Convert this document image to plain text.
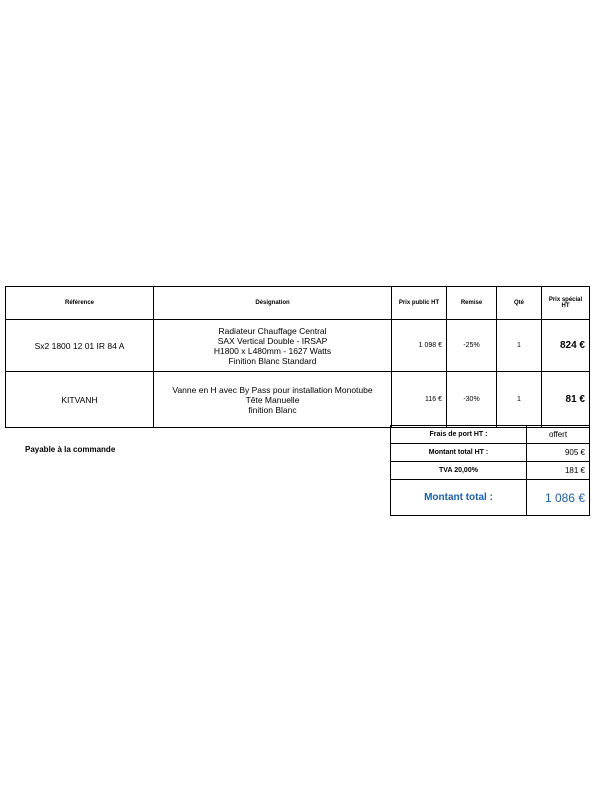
Référence	Désignation	Prix public HT	Remise	Qté	Prix spécial HT
Sx2 1800 12 01 IR 84 A	Radiateur Chauffage Central
SAX Vertical Double - IRSAP
H1800 x L480mm - 1627 Watts
Finition Blanc Standard	1 098 €	-25%	1	824 €
KITVANH	Vanne en H avec By Pass pour installation Monotube
Tête Manuelle
finition Blanc	116 €	-30%	1	81 €
Payable à la commande
Frais de port HT :	offert
Montant total HT :	905 €
TVA 20,00%	181 €
Montant total :	1 086 €
